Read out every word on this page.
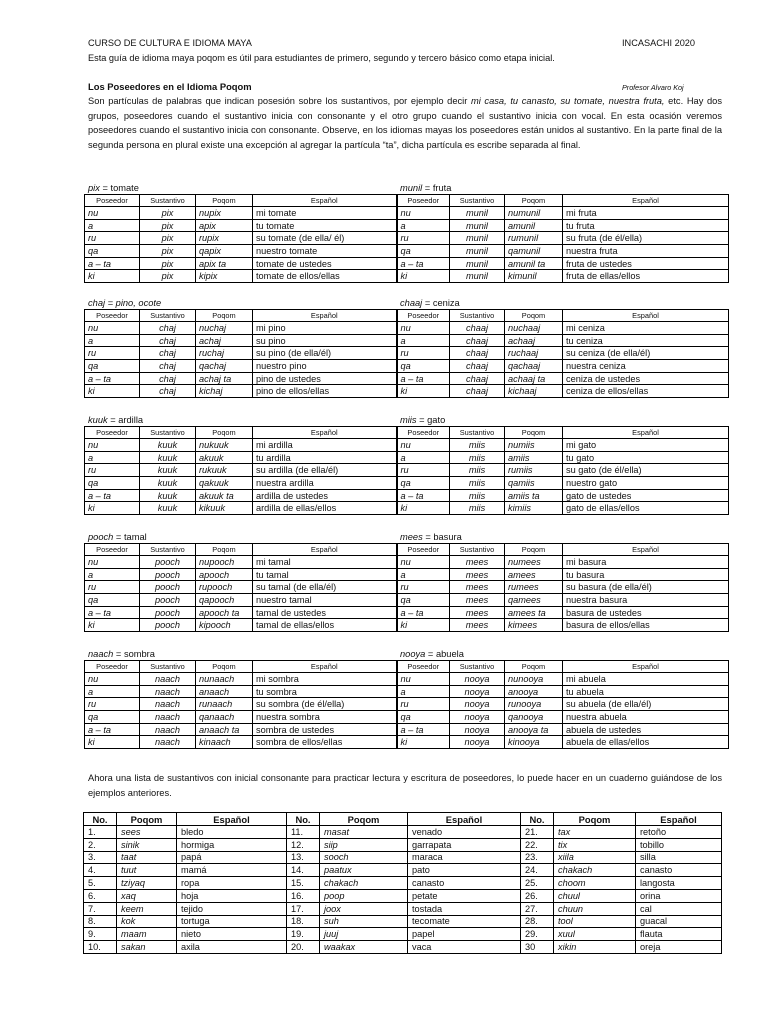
CURSO DE CULTURA E IDIOMA MAYA	INCASACHI 2020
Esta guía de idioma maya poqom es útil para estudiantes de primero, segundo y tercero básico como etapa inicial.
Los Poseedores en el Idioma Poqom	Profesor Alvaro Koj
Son partículas de palabras que indican posesión sobre los sustantivos, por ejemplo decir mi casa, tu canasto, su tomate, nuestra fruta, etc. Hay dos grupos, poseedores cuando el sustantivo inicia con consonante y el otro grupo cuando el sustantivo inicia con vocal. En esta ocasión veremos poseedores cuando el sustantivo inicia con consonante. Observe, en los idiomas mayas los poseedores están unidos al sustantivo. En la parte final de la segunda persona en plural existe una excepción al agregar la partícula “ta”, dicha partícula es escribe separada al final.
pix = tomate	munil = fruta
Poseedor	Sustantivo	Poqom	Español	Poseedor	Sustantivo	Poqom	Español
nu	pix	nupix	mi tomate	nu	munil	numunil	mi fruta
a	pix	apix	tu tomate	a	munil	amunil	tu fruta
ru	pix	rupix	su tomate (de ella/ él)	ru	munil	rumunil	su fruta (de él/ella)
qa	pix	qapix	nuestro tomate	qa	munil	qamunil	nuestra fruta
a – ta	pix	apix ta	tomate de ustedes	a – ta	munil	amunil ta	fruta de ustedes
ki	pix	kipix	tomate de ellos/ellas	ki	munil	kimunil	fruta de ellas/ellos
chaj = pino, ocote	chaaj = ceniza
Poseedor	Sustantivo	Poqom	Español	Poseedor	Sustantivo	Poqom	Español
nu	chaj	nuchaj	mi pino	nu	chaaj	nuchaaj	mi ceniza
a	chaj	achaj	su pino	a	chaaj	achaaj	tu ceniza
ru	chaj	ruchaj	su pino (de ella/él)	ru	chaaj	ruchaaj	su ceniza (de ella/él)
qa	chaj	qachaj	nuestro pino	qa	chaaj	qachaaj	nuestra ceniza
a – ta	chaj	achaj ta	pino de ustedes	a – ta	chaaj	achaaj ta	ceniza de ustedes
ki	chaj	kichaj	pino de ellos/ellas	ki	chaaj	kichaaj	ceniza de ellos/ellas
kuuk = ardilla	miis = gato
Poseedor	Sustantivo	Poqom	Español	Poseedor	Sustantivo	Poqom	Español
nu	kuuk	nukuuk	mi ardilla	nu	miis	numiis	mi gato
a	kuuk	akuuk	tu ardilla	a	miis	amiis	tu gato
ru	kuuk	rukuuk	su ardilla (de ella/él)	ru	miis	rumiis	su gato (de él/ella)
qa	kuuk	qakuuk	nuestra ardilla	qa	miis	qamiis	nuestro gato
a – ta	kuuk	akuuk ta	ardilla de ustedes	a – ta	miis	amiis ta	gato de ustedes
ki	kuuk	kikuuk	ardilla de ellas/ellos	ki	miis	kimiis	gato de ellas/ellos
pooch = tamal	mees = basura
Poseedor	Sustantivo	Poqom	Español	Poseedor	Sustantivo	Poqom	Español
nu	pooch	nupooch	mi tamal	nu	mees	numees	mi basura
a	pooch	apooch	tu tamal	a	mees	amees	tu basura
ru	pooch	rupooch	su tamal (de ella/él)	ru	mees	rumees	su basura (de ella/él)
qa	pooch	qapooch	nuestro tamal	qa	mees	qamees	nuestra basura
a – ta	pooch	apooch ta	tamal de ustedes	a – ta	mees	amees ta	basura de ustedes
ki	pooch	kipooch	tamal de ellas/ellos	ki	mees	kimees	basura de ellos/ellas
naach = sombra	nooya = abuela
Poseedor	Sustantivo	Poqom	Español	Poseedor	Sustantivo	Poqom	Español
nu	naach	nunaach	mi sombra	nu	nooya	nunooya	mi abuela
a	naach	anaach	tu sombra	a	nooya	anooya	tu abuela
ru	naach	runaach	su sombra (de él/ella)	ru	nooya	runooya	su abuela (de ella/él)
qa	naach	qanaach	nuestra sombra	qa	nooya	qanooya	nuestra abuela
a – ta	naach	anaach ta	sombra de ustedes	a – ta	nooya	anooya ta	abuela de ustedes
ki	naach	kinaach	sombra de ellos/ellas	ki	nooya	kinooya	abuela de ellas/ellos
Ahora una lista de sustantivos con inicial consonante para practicar lectura y escritura de poseedores, lo puede hacer en un cuaderno guiándose de los ejemplos anteriores.
No.	Poqom	Español	No.	Poqom	Español	No.	Poqom	Español
1.	sees	bledo	11.	masat	venado	21.	tax	retoño
2.	sinik	hormiga	12.	siip	garrapata	22.	tix	tobillo
3.	taat	papá	13.	sooch	maraca	23.	xiila	silla
4.	tuut	mamá	14.	paatux	pato	24.	chakach	canasto
5.	tziyaq	ropa	15.	chakach	canasto	25.	choom	langosta
6.	xaq	hoja	16.	poop	petate	26.	chuul	orina
7.	keem	tejido	17.	joox	tostada	27.	chuun	cal
8.	kok	tortuga	18.	suh	tecomate	28.	tool	guacal
9.	maam	nieto	19.	juuj	papel	29.	xuul	flauta
10.	sakan	axila	20.	waakax	vaca	30	xikin	oreja
